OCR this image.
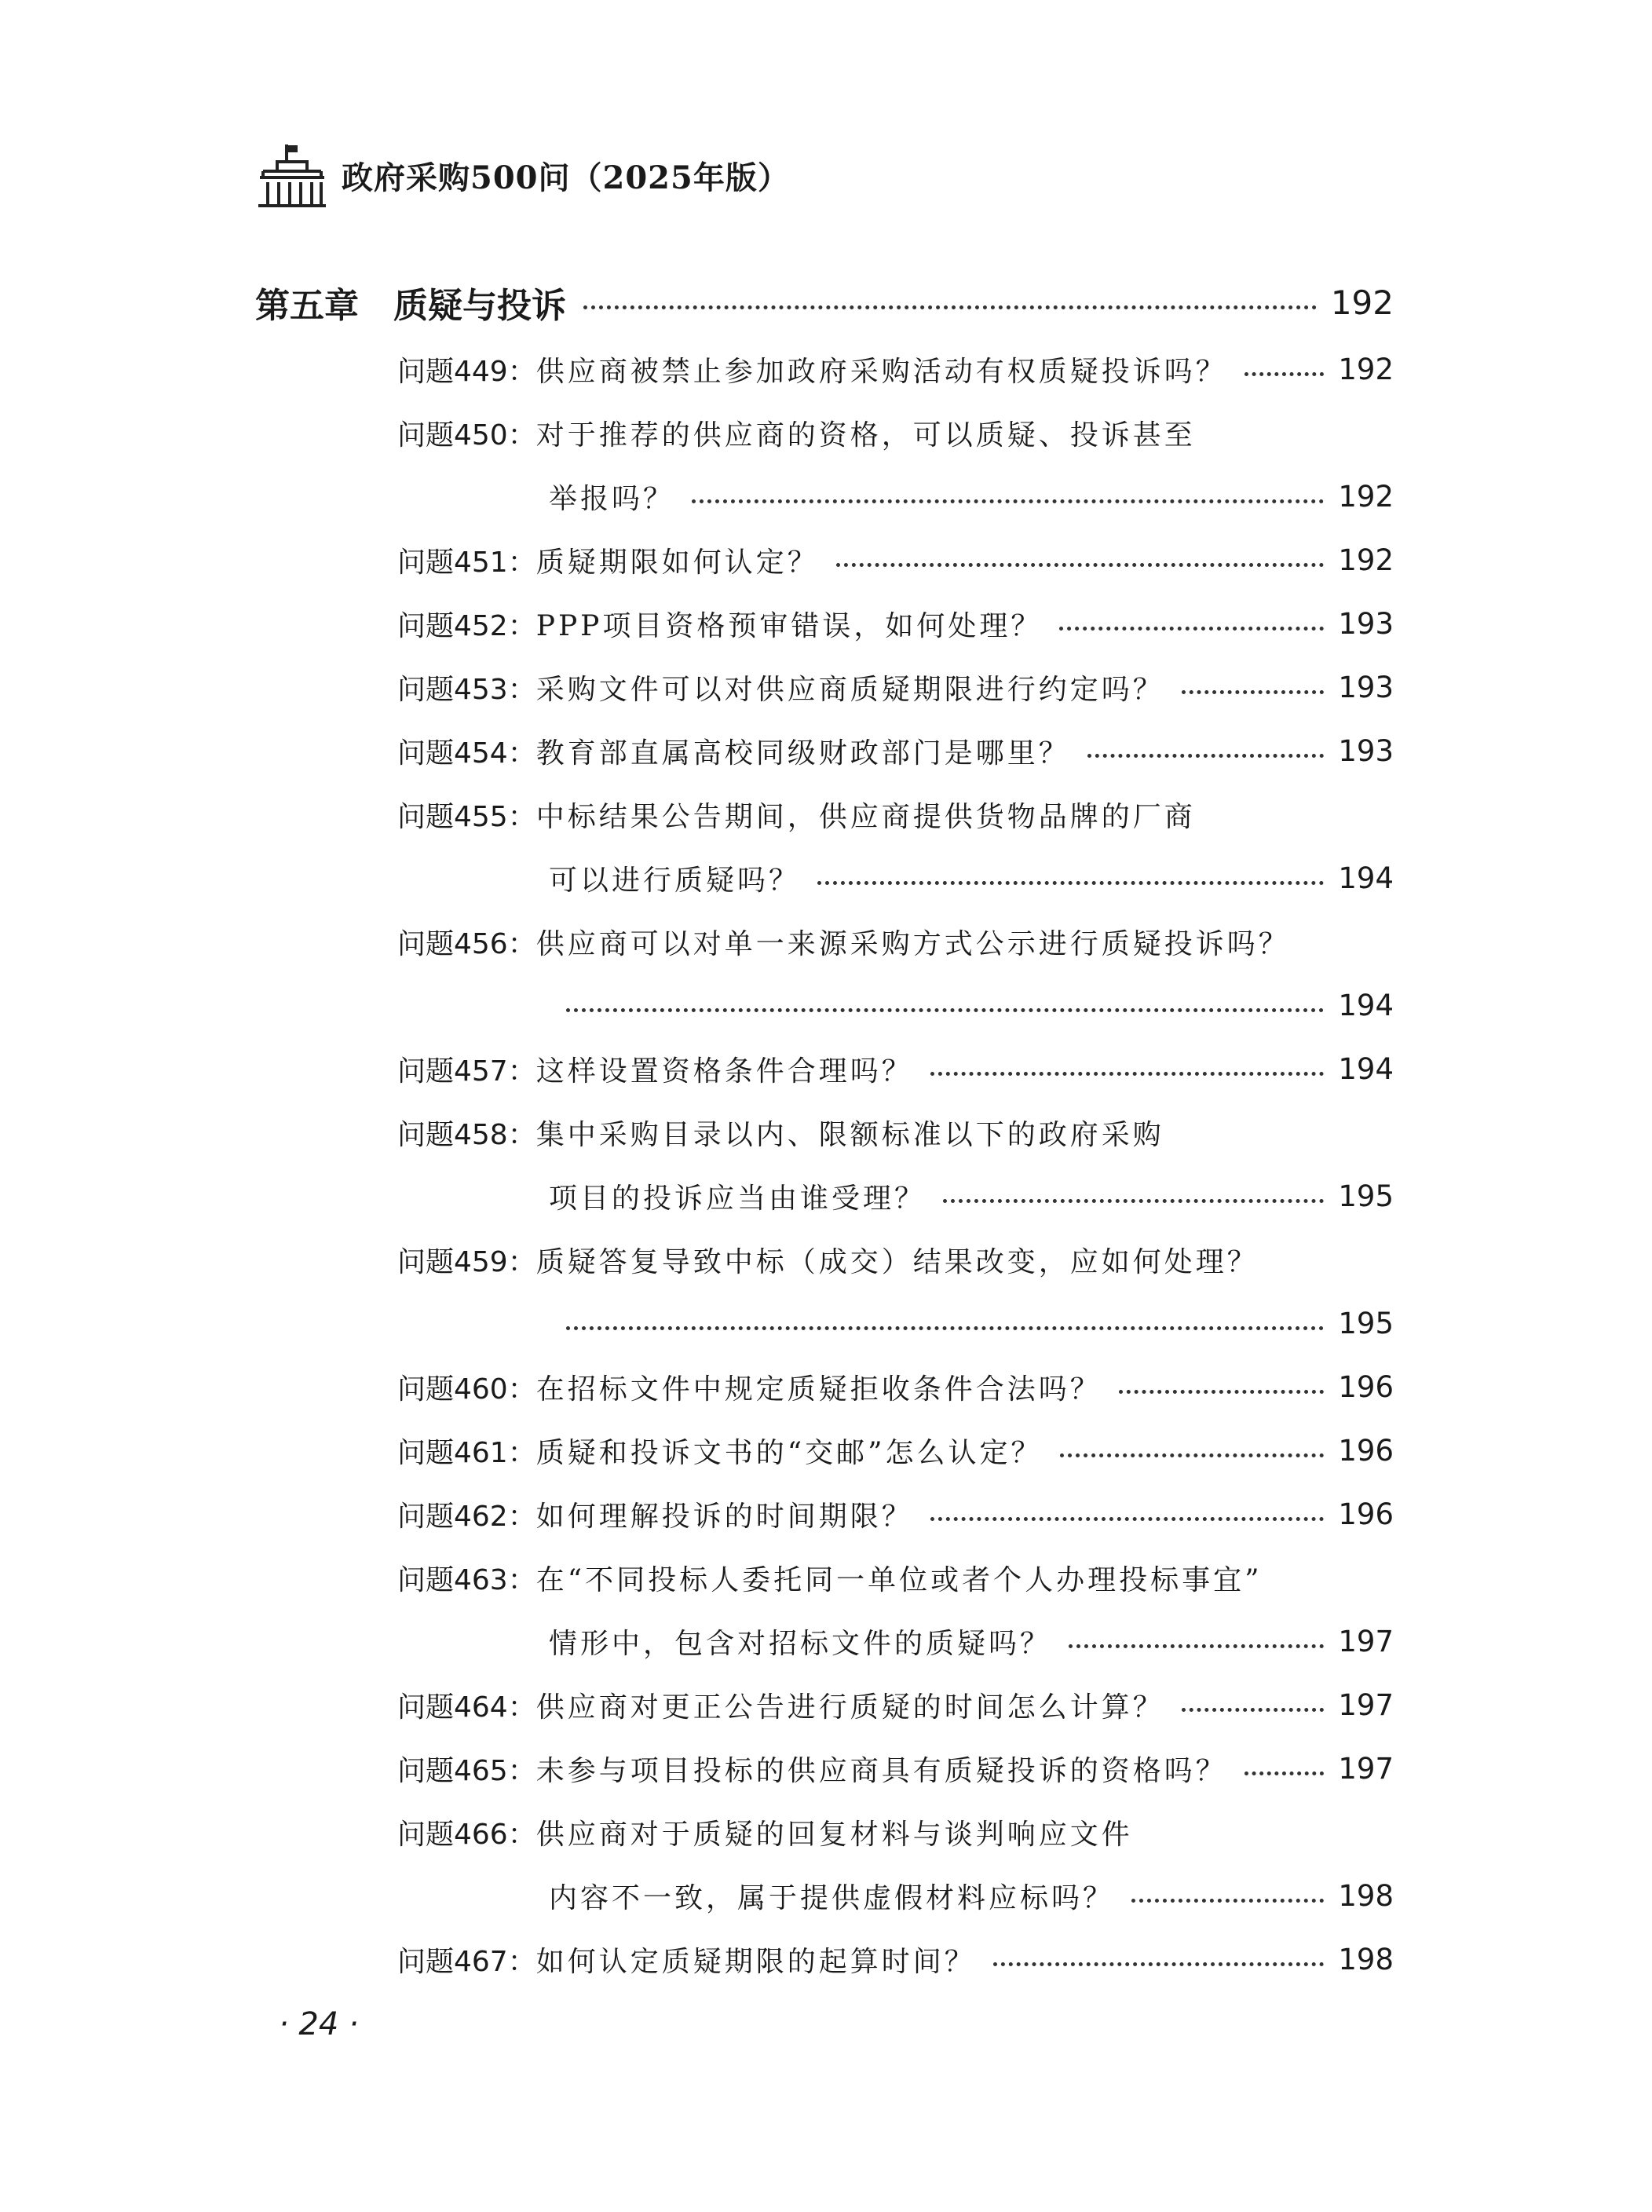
政府采购500问（2025年版）
第五章 质疑与投诉	192
问题449： 供应商被禁止参加政府采购活动有权质疑投诉吗？	192
问题450： 对于推荐的供应商的资格，可以质疑、投诉甚至
举报吗？	192
问题451： 质疑期限如何认定？	192
问题452： PPP项目资格预审错误，如何处理？	193
问题453： 采购文件可以对供应商质疑期限进行约定吗？	193
问题454： 教育部直属高校同级财政部门是哪里？	193
问题455： 中标结果公告期间，供应商提供货物品牌的厂商
可以进行质疑吗？	194
问题456： 供应商可以对单一来源采购方式公示进行质疑投诉吗？
194
问题457： 这样设置资格条件合理吗？	194
问题458： 集中采购目录以内、限额标准以下的政府采购
项目的投诉应当由谁受理？	195
问题459： 质疑答复导致中标（成交）结果改变，应如何处理？
195
问题460： 在招标文件中规定质疑拒收条件合法吗？	196
问题461： 质疑和投诉文书的“交邮”怎么认定？	196
问题462： 如何理解投诉的时间期限？	196
问题463： 在“不同投标人委托同一单位或者个人办理投标事宜”
情形中，包含对招标文件的质疑吗？	197
问题464： 供应商对更正公告进行质疑的时间怎么计算？	197
问题465： 未参与项目投标的供应商具有质疑投诉的资格吗？	197
问题466： 供应商对于质疑的回复材料与谈判响应文件
内容不一致，属于提供虚假材料应标吗？	198
问题467： 如何认定质疑期限的起算时间？	198
· 24 ·
